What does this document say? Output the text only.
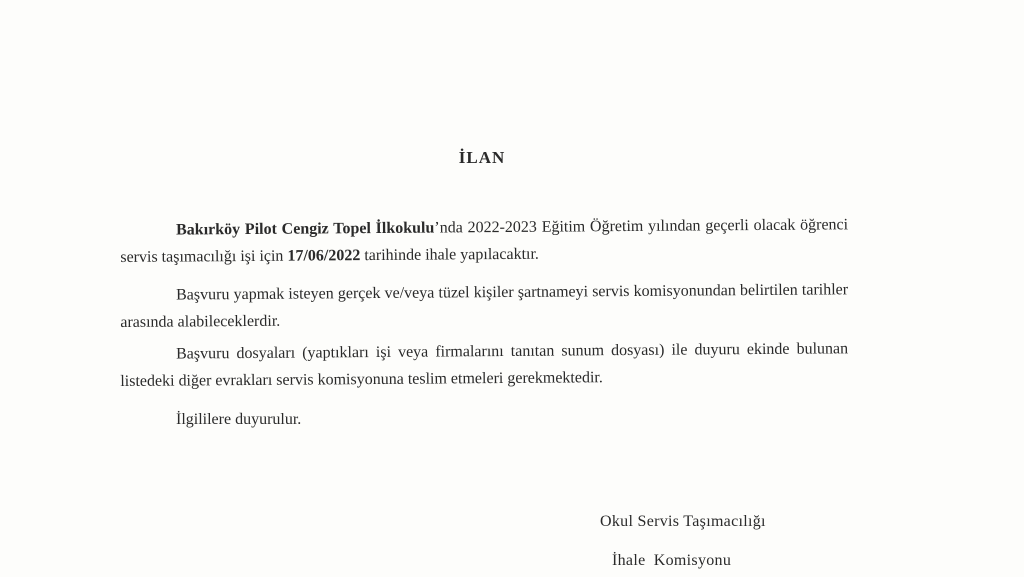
İLAN

Bakırköy Pilot Cengiz Topel İlkokulu’nda 2022-2023 Eğitim Öğretim yılından geçerli olacak öğrenci servis taşımacılığı işi için 17/06/2022 tarihinde ihale yapılacaktır.

Başvuru yapmak isteyen gerçek ve/veya tüzel kişiler şartnameyi servis komisyonundan belirtilen tarihler arasında alabileceklerdir.

Başvuru dosyaları (yaptıkları işi veya firmalarını tanıtan sunum dosyası) ile duyuru ekinde bulunan listedeki diğer evrakları servis komisyonuna teslim etmeleri gerekmektedir.

İlgililere duyurulur.

Okul Servis Taşımacılığı
İhale Komisyonu
